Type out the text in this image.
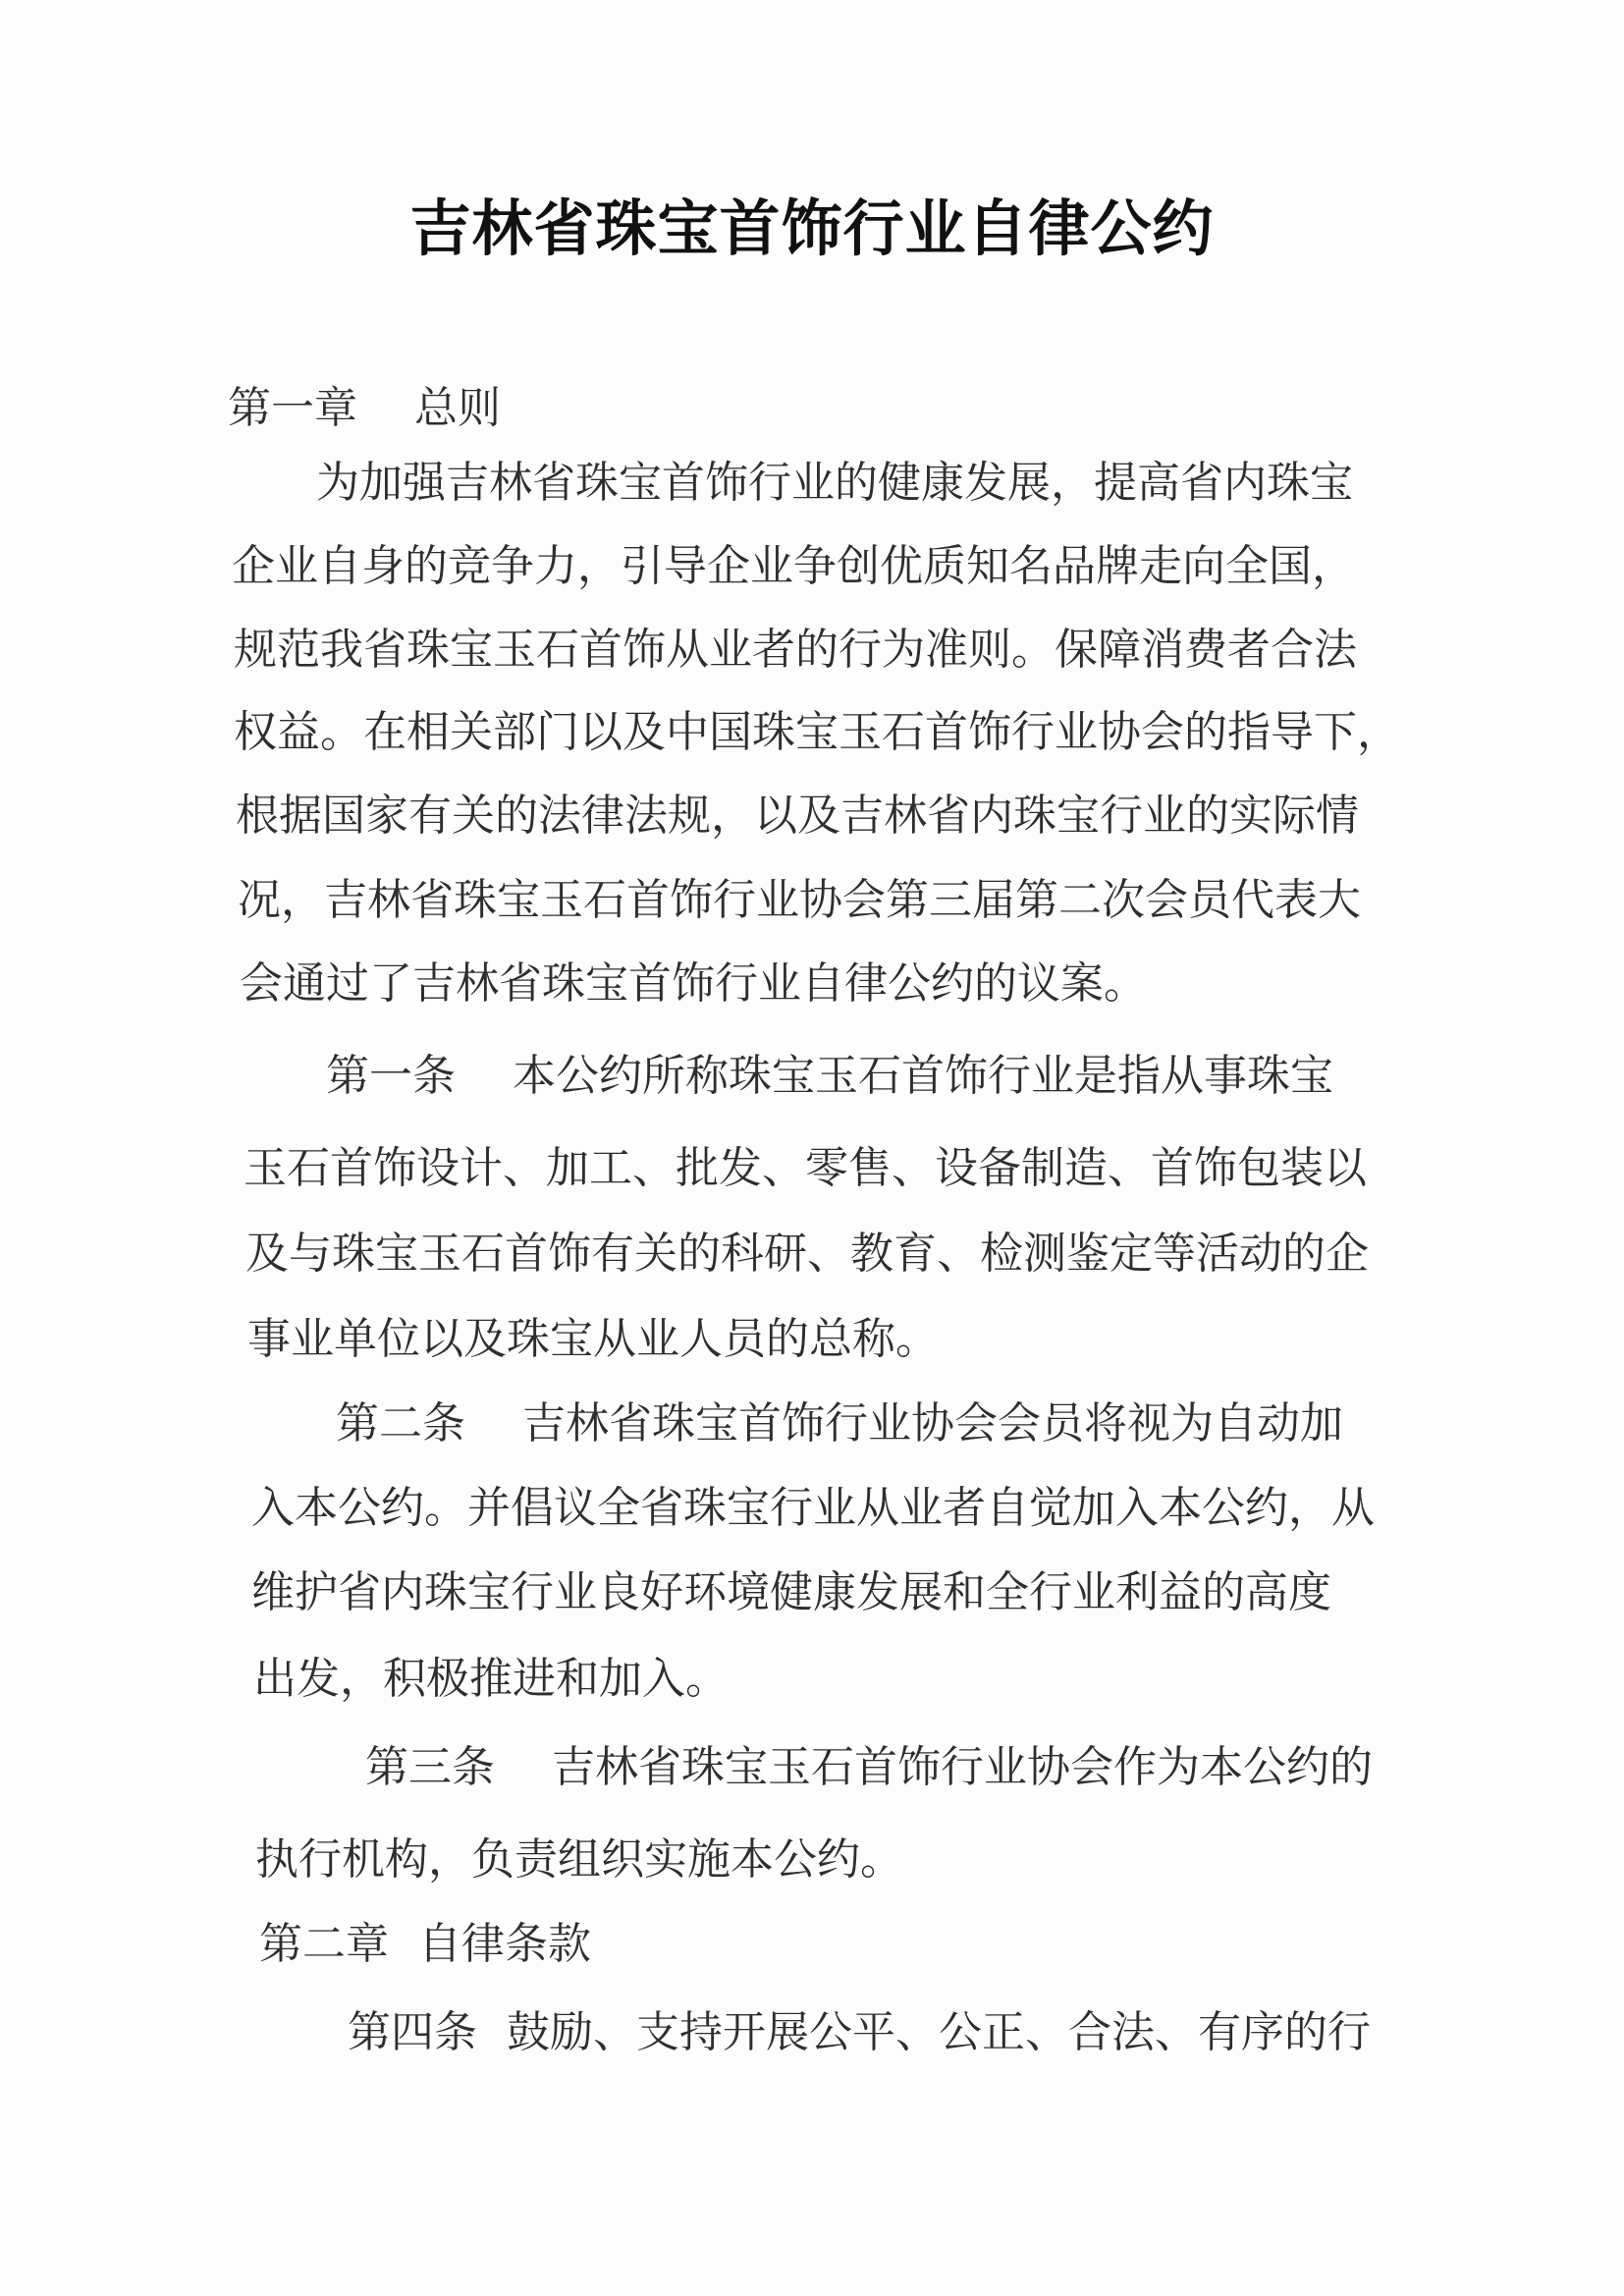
吉林省珠宝首饰行业自律公约
第一章 总则
为加强吉林省珠宝首饰行业的健康发展，提高省内珠宝
企业自身的竞争力，引导企业争创优质知名品牌走向全国，
规范我省珠宝玉石首饰从业者的行为准则。保障消费者合法
权益。在相关部门以及中国珠宝玉石首饰行业协会的指导下，
根据国家有关的法律法规，以及吉林省内珠宝行业的实际情
况，吉林省珠宝玉石首饰行业协会第三届第二次会员代表大
会通过了吉林省珠宝首饰行业自律公约的议案。
第一条 本公约所称珠宝玉石首饰行业是指从事珠宝
玉石首饰设计、加工、批发、零售、设备制造、首饰包装以
及与珠宝玉石首饰有关的科研、教育、检测鉴定等活动的企
事业单位以及珠宝从业人员的总称。
第二条 吉林省珠宝首饰行业协会会员将视为自动加
入本公约。并倡议全省珠宝行业从业者自觉加入本公约，从
维护省内珠宝行业良好环境健康发展和全行业利益的高度
出发，积极推进和加入。
第三条 吉林省珠宝玉石首饰行业协会作为本公约的
执行机构，负责组织实施本公约。
第二章 自律条款
第四条 鼓励、支持开展公平、公正、合法、有序的行
